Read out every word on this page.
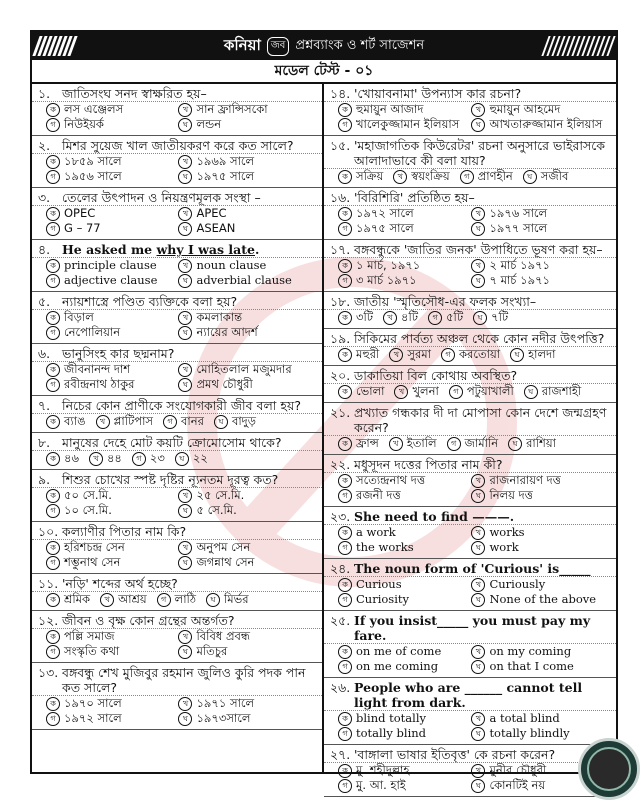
কনিয়া	জব প্রশ্নব্যাংক ও শর্ট সাজেশন
মডেল টেস্ট - ০১
১. জাতিসংঘ সনদ স্বাক্ষরিত হয়–
ক লস এঞ্জেলস	খ সান ফ্রান্সিসকো
গ নিউইয়র্ক	ঘ লন্ডন
২. মিশর সুয়েজ খাল জাতীয়করণ করে কত সালে?
ক ১৮৫৯ সালে	খ ১৯৬৯ সালে
গ ১৯৫৬ সালে	ঘ ১৯৭৫ সালে
৩. তেলের উৎপাদন ও নিয়ন্ত্রণমূলক সংস্থা –
ক OPEC	খ APEC
গ G – 77	ঘ ASEAN
৪. He asked me why I was late.
ক principle clause	খ noun clause
গ adjective clause	ঘ adverbial clause
৫. ন্যায়শাস্ত্রে পণ্ডিত ব্যক্তিকে বলা হয়?
ক বিড়াল	খ কমলাকান্ত
গ নেপোলিয়ান	ঘ ন্যায়ের আদর্শ
৬. ভানুসিংহ কার ছদ্মনাম?
ক জীবনানন্দ দাশ	খ মোহিতলাল মজুমদার
গ রবীন্দ্রনাথ ঠাকুর	ঘ প্রমথ চৌধুরী
৭. নিচের কোন প্রাণীকে সংযোগকারী জীব বলা হয়?
ক ব্যাঙ	খ প্লাটিপাস	গ বানর	ঘ বাদুড়
৮. মানুষের দেহে মোট কয়টি ক্রোমোসোম থাকে?
ক ৪৬	খ ৪৪	গ ২৩	ঘ ২২
৯. শিশুর চোখের স্পষ্ট দৃষ্টির ন্যূনতম দূরত্ব কত?
ক ৫০ সে.মি.	খ ২৫ সে.মি.
গ ১০ সে.মি.	ঘ ৫ সে.মি.
১০. কল্যাণীর পিতার নাম কি?
ক হরিশচন্দ্র সেন	খ অনুপম সেন
গ শম্ভুনাথ সেন	ঘ জগন্নাথ সেন
১১. 'নড়ি' শব্দের অর্থ হচ্ছে?
ক শ্রমিক	খ আশ্রয়	গ লাঠি	ঘ মির্ভর
১২. জীবন ও বৃক্ষ কোন গ্রন্থের অন্তর্গত?
ক পল্লি সমাজ	খ বিবিধ প্রবন্ধ
গ সংস্কৃতি কথা	ঘ মতিচুর
১৩. বঙ্গবন্ধু শেখ মুজিবুর রহমান জুলিও কুরি পদক পান কত সালে?
ক ১৯৭০ সালে	খ ১৯৭১ সালে
গ ১৯৭২ সালে	ঘ ১৯৭৩সালে
১৪. 'খোয়াবনামা' উপন্যাস কার রচনা?
ক হুমায়ুন আজাদ	খ হুমায়ুন আহমেদ
গ খালেকুজ্জামান ইলিয়াস	ঘ আখতারুজ্জামান ইলিয়াস
১৫. 'মহাজাগতিক কিউরেটর' রচনা অনুসারে ভাইরাসকে আলাদাভাবে কী বলা যায়?
ক সক্রিয়	খ স্বয়ংক্রিয়	গ প্রাণহীন	ঘ সজীব
১৬. 'বিরিশিরি' প্রতিষ্ঠিত হয়–
ক ১৯৭২ সালে	খ ১৯৭৬ সালে
গ ১৯৭৫ সালে	ঘ ১৯৭৭ সালে
১৭. বঙ্গবন্ধুকে 'জাতির জনক' উপাধিতে ভূষণ করা হয়–
ক ১ মার্চ, ১৯৭১	খ ২ মার্চ ১৯৭১
গ ৩ মার্চ ১৯৭১	ঘ ৭ মার্চ ১৯৭১
১৮. জাতীয় 'স্মৃতিসৌধ-এর ফলক সংখ্যা–
ক ৩টি	খ ৪টি	গ ৫টি	ঘ ৭টি
১৯. সিকিমের পার্বত্য অঞ্চল থেকে কোন নদীর উৎপত্তি?
ক মহুরী	খ সুরমা	গ করতোয়া	ঘ হালদা
২০. ডাকাতিয়া বিল কোথায় অবস্থিত?
ক ভোলা	খ খুলনা	গ পটুয়াখালী	ঘ রাজশাহী
২১. প্রখ্যাত গন্ধকার দী দা মোপাসা কোন দেশে জন্মগ্রহণ করেন?
ক ফ্রান্স	খ ইতালি	গ জার্মানি	ঘ রাশিয়া
২২. মধুসূদন দত্তের পিতার নাম কী?
ক সত্যেন্দ্রনাথ দত্ত	খ রাজনারায়ণ দত্ত
গ রজনী দত্ত	ঘ নিলয় দত্ত
২৩. She need to find ———.
ক a work	খ works
গ the works	ঘ work
২৪. The noun form of 'Curious' is_____
ক Curious	খ Curiously
গ Curiosity	ঘ None of the above
২৫. If you insist_____ you must pay my fare.
ক on me of come	খ on my coming
গ on me coming	ঘ on that I come
২৬. People who are ______ cannot tell light from dark.
ক blind totally	খ a total blind
গ totally blind	ঘ totally blindly
২৭. 'বাঙ্গালা ভাষার ইতিবৃত্ত' কে রচনা করেন?
ক মু. শহীদুল্লাহ	খ মুনীর চৌধুরী
গ মু. আ. হাই	ঘ কোনটিই নয়
